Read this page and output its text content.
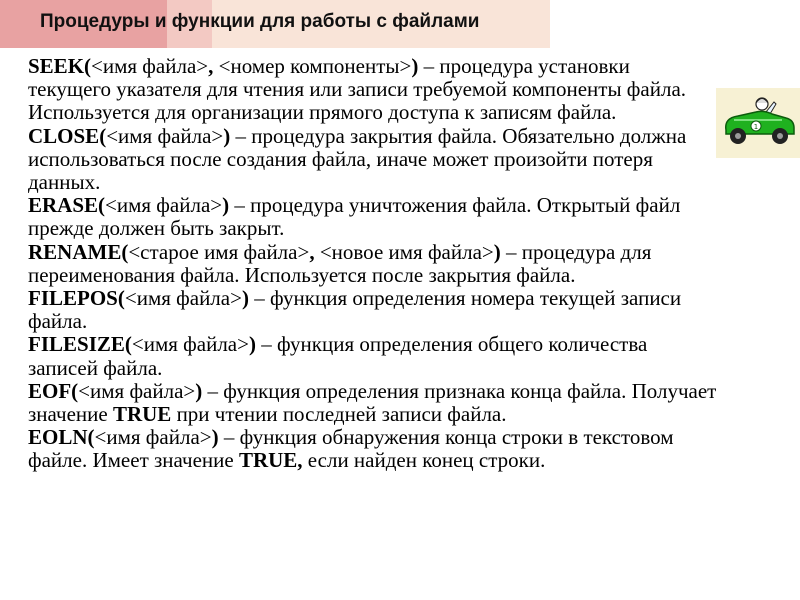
Процедуры и функции для работы с файлами

SEEK(<имя файла>, <номер компоненты>) – процедура установки текущего указателя для чтения или записи требуемой компоненты файла. Используется для организации прямого доступа к записям файла.

CLOSE(<имя файла>) – процедура закрытия файла. Обязательно должна использоваться после создания файла, иначе может произойти потеря данных.

ERASE(<имя файла>) – процедура уничтожения файла. Открытый файл прежде должен быть закрыт.

RENAME(<старое имя файла>, <новое имя файла>) – процедура для переименования файла. Используется после закрытия файла.

FILEPOS(<имя файла>) – функция определения номера текущей записи файла.

FILESIZE(<имя файла>) – функция определения общего количества записей файла.

EOF(<имя файла>) – функция определения признака конца файла. Получает значение TRUE при чтении последней записи файла.

EOLN(<имя файла>) – функция обнаружения конца строки в текстовом файле. Имеет значение TRUE, если найден конец строки.

1
